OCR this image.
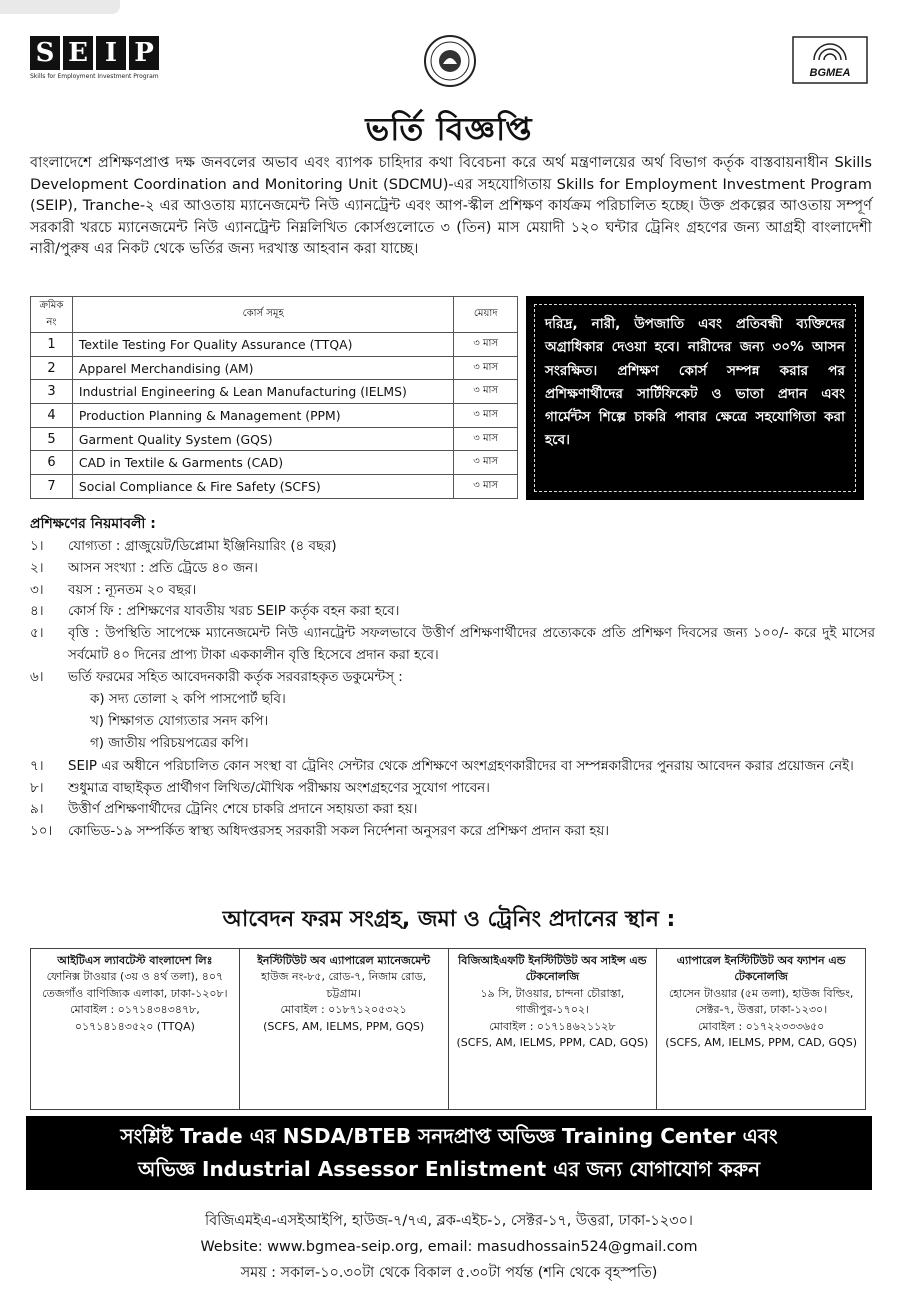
S E I P
Skills for Employment Investment Program	BGMEA
ভর্তি বিজ্ঞপ্তি
বাংলাদেশে প্রশিক্ষণপ্রাপ্ত দক্ষ জনবলের অভাব এবং ব্যাপক চাহিদার কথা বিবেচনা করে অর্থ মন্ত্রণালয়ের অর্থ বিভাগ কর্তৃক বাস্তবায়নাধীন Skills Development Coordination and Monitoring Unit (SDCMU)-এর সহযোগিতায় Skills for Employment Investment Program (SEIP), Tranche-২ এর আওতায় ম্যানেজমেন্ট নিউ এ্যানট্রেন্ট এবং আপ-স্কীল প্রশিক্ষণ কার্যক্রম পরিচালিত হচ্ছে। উক্ত প্রকল্পের আওতায় সম্পূর্ণ সরকারী খরচে ম্যানেজমেন্ট নিউ এ্যানট্রেন্ট নিম্নলিখিত কোর্সগুলোতে ৩ (তিন) মাস মেয়াদী ১২০ ঘন্টার ট্রেনিং গ্রহণের জন্য আগ্রহী বাংলাদেশী নারী/পুরুষ এর নিকট থেকে ভর্তির জন্য দরখাস্ত আহবান করা যাচ্ছে।
ক্রমিক নং	কোর্স সমূহ	মেয়াদ
1	Textile Testing For Quality Assurance (TTQA)	৩ মাস
2	Apparel Merchandising (AM)	৩ মাস
3	Industrial Engineering & Lean Manufacturing (IELMS)	৩ মাস
4	Production Planning & Management (PPM)	৩ মাস
5	Garment Quality System (GQS)	৩ মাস
6	CAD in Textile & Garments (CAD)	৩ মাস
7	Social Compliance & Fire Safety (SCFS)	৩ মাস
দরিদ্র, নারী, উপজাতি এবং প্রতিবন্ধী ব্যক্তিদের অগ্রাধিকার দেওয়া হবে। নারীদের জন্য ৩০% আসন সংরক্ষিত। প্রশিক্ষণ কোর্স সম্পন্ন করার পর প্রশিক্ষণার্থীদের সার্টিফিকেট ও ভাতা প্রদান এবং গার্মেন্টস শিল্পে চাকরি পাবার ক্ষেত্রে সহযোগিতা করা হবে।
প্রশিক্ষণের নিয়মাবলী :
১।	যোগ্যতা : গ্রাজুয়েট/ডিপ্লোমা ইঞ্জিনিয়ারিং (৪ বছর)
২।	আসন সংখ্যা : প্রতি ট্রেডে ৪০ জন।
৩।	বয়স : ন্যূনতম ২০ বছর।
৪।	কোর্স ফি : প্রশিক্ষণের যাবতীয় খরচ SEIP কর্তৃক বহন করা হবে।
৫।	বৃত্তি : উপস্থিতি সাপেক্ষে ম্যানেজমেন্ট নিউ এ্যানট্রেন্ট সফলভাবে উত্তীর্ণ প্রশিক্ষণার্থীদের প্রত্যেককে প্রতি প্রশিক্ষণ দিবসের জন্য ১০০/- করে দুই মাসের সর্বমোট ৪০ দিনের প্রাপ্য টাকা এককালীন বৃত্তি হিসেবে প্রদান করা হবে।
৬।	ভর্তি ফরমের সহিত আবেদনকারী কর্তৃক সরবরাহকৃত ডকুমেন্টস্ :
ক) সদ্য তোলা ২ কপি পাসপোর্ট ছবি।
খ) শিক্ষাগত যোগ্যতার সনদ কপি।
গ) জাতীয় পরিচয়পত্রের কপি।
৭।	SEIP এর অধীনে পরিচালিত কোন সংস্থা বা ট্রেনিং সেন্টার থেকে প্রশিক্ষণে অংশগ্রহণকারীদের বা সম্পন্নকারীদের পুনরায় আবেদন করার প্রয়োজন নেই।
৮।	শুধুমাত্র বাছাইকৃত প্রার্থীগণ লিখিত/মৌখিক পরীক্ষায় অংশগ্রহণের সুযোগ পাবেন।
৯।	উত্তীর্ণ প্রশিক্ষণার্থীদের ট্রেনিং শেষে চাকরি প্রদানে সহায়তা করা হয়।
১০।	কোভিড-১৯ সম্পর্কিত স্বাস্থ্য অধিদপ্তরসহ সরকারী সকল নির্দেশনা অনুসরণ করে প্রশিক্ষণ প্রদান করা হয়।
আবেদন ফরম সংগ্রহ, জমা ও ট্রেনিং প্রদানের স্থান :
আইটিএস ল্যাবটেস্ট বাংলাদেশ লিঃ
ফোনিক্স টাওয়ার (৩য় ও ৪র্থ তলা), ৪০৭ তেজগাঁও বাণিজ্যিক এলাকা, ঢাকা-১২০৮।
মোবাইল : ০১৭১৪৩৪৩৪৭৮, ০১৭১৪১৪৩৫২০ (TTQA)
ইনস্টিটিউট অব এ্যাপারেল ম্যানেজমেন্ট
হাউজ নং-৮৫, রোড-৭, নিজাম রোড, চট্টগ্রাম।
মোবাইল : ০১৮৭১২০৫৩২১
(SCFS, AM, IELMS, PPM, GQS)
বিজিআইএফটি ইনস্টিটিউট অব সাইন্স এন্ড টেকনোলজি
১৯ সি, টাওয়ার, চান্দনা চৌরাস্তা, গাজীপুর-১৭০২।
মোবাইল : ০১৭১৪৬২১১২৮
(SCFS, AM, IELMS, PPM, CAD, GQS)
এ্যাপারেল ইনস্টিটিউট অব ফ্যাশন এন্ড টেকনোলজি
হোসেন টাওয়ার (৫ম তলা), হাউজ বিল্ডিং, সেক্টর-৭, উত্তরা, ঢাকা-১২৩০।
মোবাইল : ০১৭২২৩৩৩৬৫০
(SCFS, AM, IELMS, PPM, CAD, GQS)
সংশ্লিষ্ট Trade এর NSDA/BTEB সনদপ্রাপ্ত অভিজ্ঞ Training Center এবং
অভিজ্ঞ Industrial Assessor Enlistment এর জন্য যোগাযোগ করুন
বিজিএমইএ-এসইআইপি, হাউজ-৭/৭এ, ব্লক-এইচ-১, সেক্টর-১৭, উত্তরা, ঢাকা-১২৩০।
Website: www.bgmea-seip.org, email: masudhossain524@gmail.com
সময় : সকাল-১০.৩০টা থেকে বিকাল ৫.৩০টা পর্যন্ত (শনি থেকে বৃহস্পতি)
